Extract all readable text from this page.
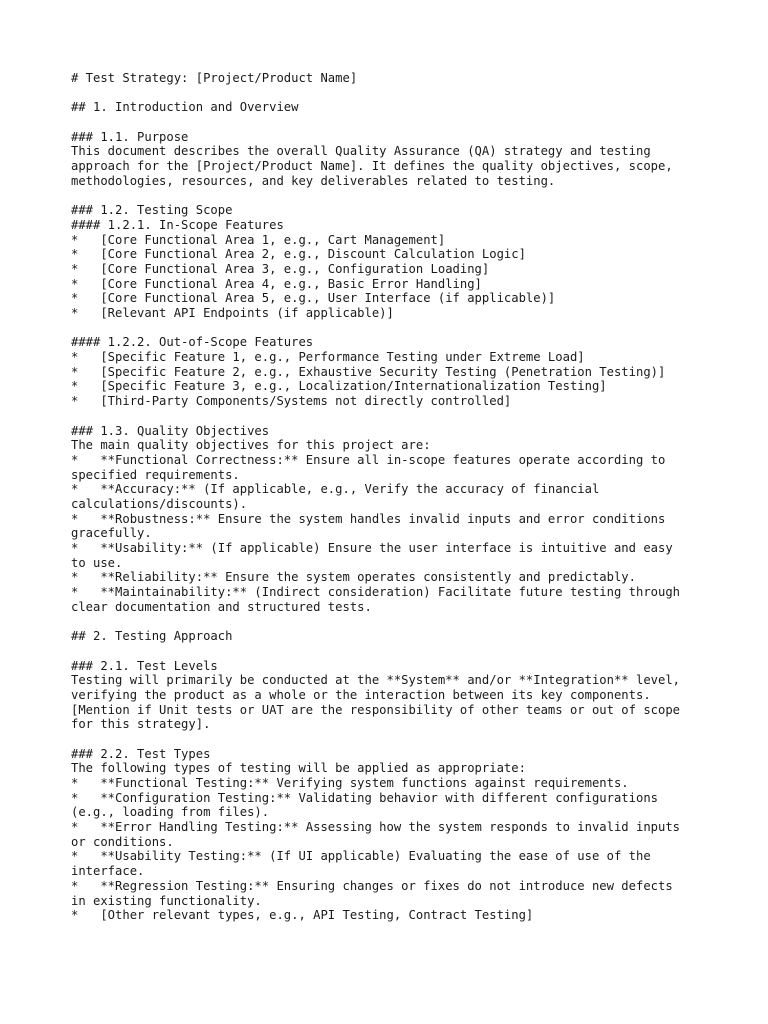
# Test Strategy: [Project/Product Name]
## 1. Introduction and Overview
### 1.1. Purpose
This document describes the overall Quality Assurance (QA) strategy and testing
approach for the [Project/Product Name]. It defines the quality objectives, scope,
methodologies, resources, and key deliverables related to testing.
### 1.2. Testing Scope
#### 1.2.1. In-Scope Features
*   [Core Functional Area 1, e.g., Cart Management]
*   [Core Functional Area 2, e.g., Discount Calculation Logic]
*   [Core Functional Area 3, e.g., Configuration Loading]
*   [Core Functional Area 4, e.g., Basic Error Handling]
*   [Core Functional Area 5, e.g., User Interface (if applicable)]
*   [Relevant API Endpoints (if applicable)]
#### 1.2.2. Out-of-Scope Features
*   [Specific Feature 1, e.g., Performance Testing under Extreme Load]
*   [Specific Feature 2, e.g., Exhaustive Security Testing (Penetration Testing)]
*   [Specific Feature 3, e.g., Localization/Internationalization Testing]
*   [Third-Party Components/Systems not directly controlled]
### 1.3. Quality Objectives
The main quality objectives for this project are:
*   **Functional Correctness:** Ensure all in-scope features operate according to
specified requirements.
*   **Accuracy:** (If applicable, e.g., Verify the accuracy of financial
calculations/discounts).
*   **Robustness:** Ensure the system handles invalid inputs and error conditions
gracefully.
*   **Usability:** (If applicable) Ensure the user interface is intuitive and easy
to use.
*   **Reliability:** Ensure the system operates consistently and predictably.
*   **Maintainability:** (Indirect consideration) Facilitate future testing through
clear documentation and structured tests.
## 2. Testing Approach
### 2.1. Test Levels
Testing will primarily be conducted at the **System** and/or **Integration** level,
verifying the product as a whole or the interaction between its key components.
[Mention if Unit tests or UAT are the responsibility of other teams or out of scope
for this strategy].
### 2.2. Test Types
The following types of testing will be applied as appropriate:
*   **Functional Testing:** Verifying system functions against requirements.
*   **Configuration Testing:** Validating behavior with different configurations
(e.g., loading from files).
*   **Error Handling Testing:** Assessing how the system responds to invalid inputs
or conditions.
*   **Usability Testing:** (If UI applicable) Evaluating the ease of use of the
interface.
*   **Regression Testing:** Ensuring changes or fixes do not introduce new defects
in existing functionality.
*   [Other relevant types, e.g., API Testing, Contract Testing]
